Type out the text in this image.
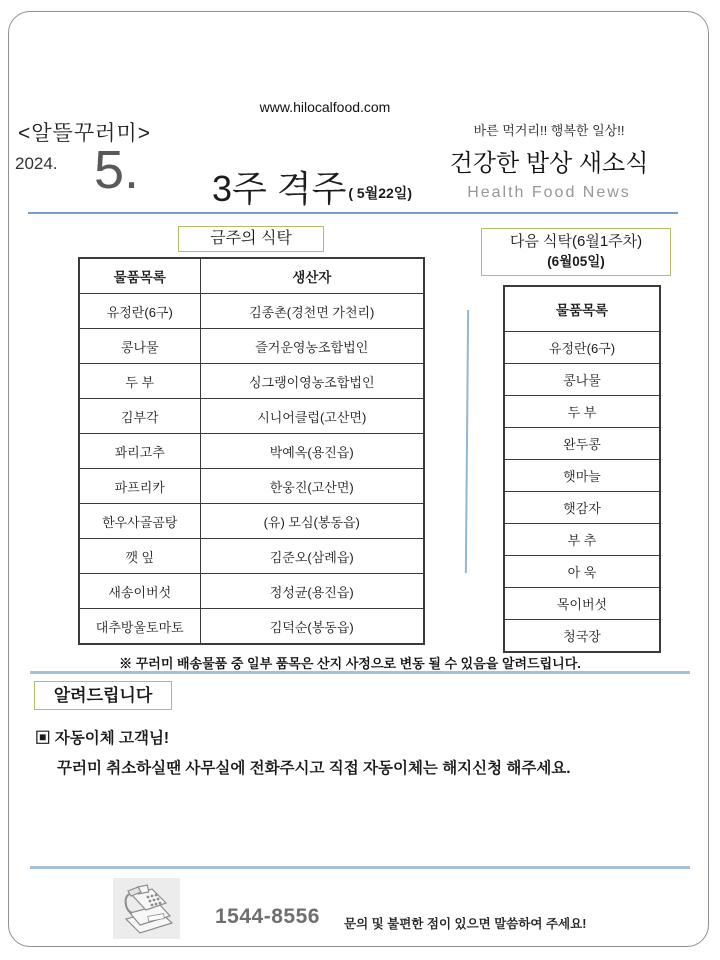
www.hilocalfood.com
<알뜰꾸러미>
2024. 5. 3주 격주 ( 5월22일)
바른 먹거리!! 행복한 일상!!
건강한 밥상 새소식
Health Food News
금주의 식탁
물품목록	생산자
유정란(6구)	김종촌(경천면 가천리)
콩나물	즐거운영농조합법인
두 부	싱그랭이영농조합법인
김부각	시니어클럽(고산면)
꽈리고추	박예옥(용진읍)
파프리카	한웅진(고산면)
한우사골곰탕	(유) 모심(봉동읍)
깻 잎	김준오(삼례읍)
새송이버섯	정성균(용진읍)
대추방울토마토	김덕순(봉동읍)
다음 식탁(6월1주차)
(6월05일)
물품목록
유정란(6구)
콩나물
두 부
완두콩
햇마늘
햇감자
부 추
아 욱
목이버섯
청국장
※ 꾸러미 배송물품 중 일부 품목은 산지 사정으로 변동 될 수 있음을 알려드립니다.
알려드립니다
▣ 자동이체 고객님!
꾸러미 취소하실땐 사무실에 전화주시고 직접 자동이체는 해지신청 해주세요.
1544-8556 문의 및 불편한 점이 있으면 말씀하여 주세요!
